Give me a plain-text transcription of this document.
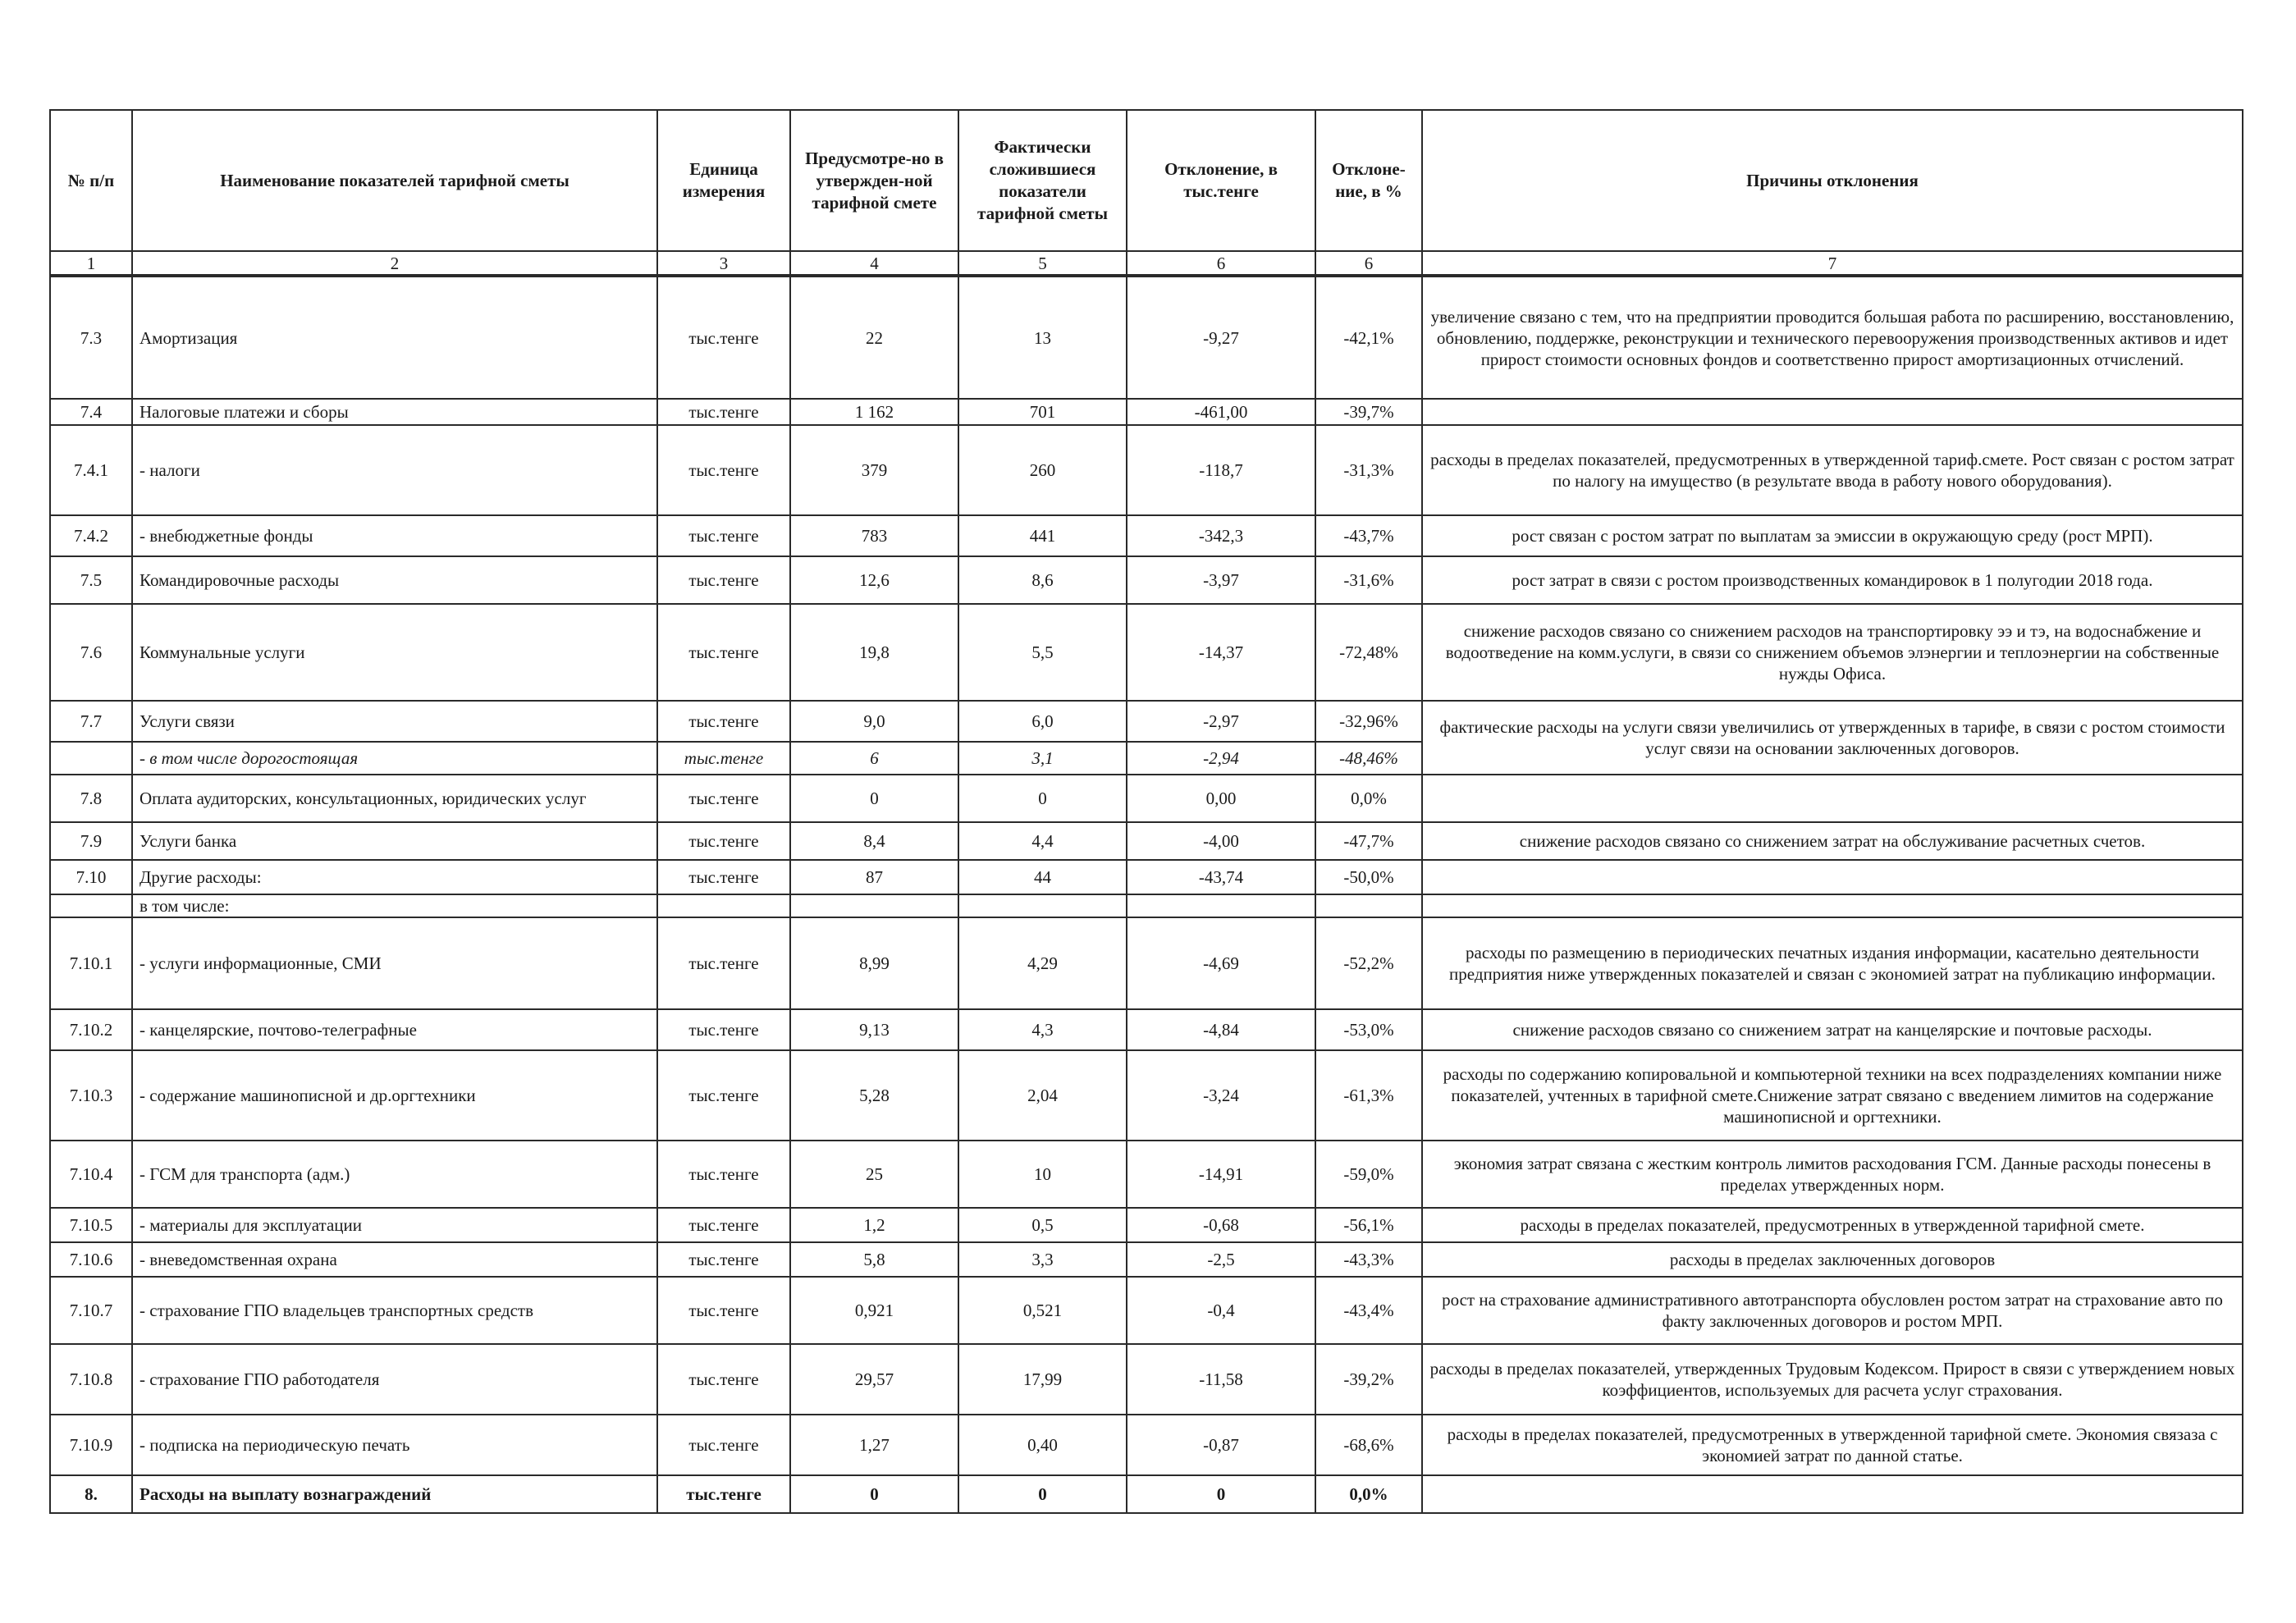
№ п/п	Наименование показателей тарифной сметы	Единица измерения	Предусмотре-но в утвержден-ной тарифной смете	Фактически сложившиеся показатели тарифной сметы	Отклонение, в тыс.тенге	Отклоне-ние, в %	Причины отклонения
1	2	3	4	5	6	6	7
7.3	Амортизация	тыс.тенге	22	13	-9,27	-42,1%	увеличение связано с тем, что на предприятии проводится большая работа по расширению, восстановлению, обновлению, поддержке, реконструкции и технического перевооружения производственных активов и идет прирост стоимости основных фондов и соответственно прирост амортизационных отчислений.
7.4	Налоговые платежи и сборы	тыс.тенге	1 162	701	-461,00	-39,7%	
7.4.1	- налоги	тыс.тенге	379	260	-118,7	-31,3%	расходы в пределах показателей, предусмотренных в утвержденной тариф.смете. Рост связан с ростом затрат по налогу на имущество (в результате ввода в работу нового оборудования).
7.4.2	- внебюджетные фонды	тыс.тенге	783	441	-342,3	-43,7%	рост связан с ростом затрат по выплатам за эмиссии в окружающую среду (рост МРП).
7.5	Командировочные расходы	тыс.тенге	12,6	8,6	-3,97	-31,6%	рост затрат в связи с ростом производственных командировок в 1 полугодии 2018 года.
7.6	Коммунальные услуги	тыс.тенге	19,8	5,5	-14,37	-72,48%	снижение расходов связано со снижением расходов на транспортировку ээ и тэ, на водоснабжение и водоотведение на комм.услуги, в связи со снижением объемов элэнергии и теплоэнергии на собственные нужды Офиса.
7.7	Услуги связи	тыс.тенге	9,0	6,0	-2,97	-32,96%	фактические расходы на услуги связи увеличились от утвержденных в тарифе, в связи с ростом стоимости услуг связи на основании заключенных договоров.
	- в том числе дорогостоящая	тыс.тенге	6	3,1	-2,94	-48,46%	
7.8	Оплата аудиторских, консультационных, юридических услуг	тыс.тенге	0	0	0,00	0,0%	
7.9	Услуги банка	тыс.тенге	8,4	4,4	-4,00	-47,7%	снижение расходов связано со снижением затрат на обслуживание расчетных счетов.
7.10	Другие расходы:	тыс.тенге	87	44	-43,74	-50,0%	
	в том числе:						
7.10.1	- услуги информационные, СМИ	тыс.тенге	8,99	4,29	-4,69	-52,2%	расходы по размещению в периодических печатных издания информации, касательно деятельности предприятия ниже утвержденных показателей и связан с экономией затрат на публикацию информации.
7.10.2	- канцелярские, почтово-телеграфные	тыс.тенге	9,13	4,3	-4,84	-53,0%	снижение расходов связано со снижением затрат на канцелярские и почтовые расходы.
7.10.3	- содержание машинописной и др.оргтехники	тыс.тенге	5,28	2,04	-3,24	-61,3%	расходы по содержанию копировальной и компьютерной техники на всех подразделениях компании ниже показателей, учтенных в тарифной смете.Снижение затрат связано с введением лимитов на содержание машинописной и оргтехники.
7.10.4	- ГСМ для транспорта (адм.)	тыс.тенге	25	10	-14,91	-59,0%	экономия затрат связана с жестким контроль лимитов расходования ГСМ. Данные расходы понесены в пределах утвержденных норм.
7.10.5	- материалы для эксплуатации	тыс.тенге	1,2	0,5	-0,68	-56,1%	расходы в пределах показателей, предусмотренных в утвержденной тарифной смете.
7.10.6	- вневедомственная охрана	тыс.тенге	5,8	3,3	-2,5	-43,3%	расходы в пределах заключенных договоров
7.10.7	- страхование ГПО владельцев транспортных средств	тыс.тенге	0,921	0,521	-0,4	-43,4%	рост на страхование административного автотранспорта обусловлен ростом затрат на страхование авто по факту заключенных договоров и ростом МРП.
7.10.8	- страхование ГПО работодателя	тыс.тенге	29,57	17,99	-11,58	-39,2%	расходы в пределах показателей, утвержденных Трудовым Кодексом. Прирост в связи с утверждением новых коэффициентов, используемых для расчета услуг страхования.
7.10.9	- подписка на периодическую печать	тыс.тенге	1,27	0,40	-0,87	-68,6%	расходы в пределах показателей, предусмотренных в утвержденной тарифной смете. Экономия связаза с экономией затрат по данной статье.
8.	Расходы на выплату вознаграждений	тыс.тенге	0	0	0	0,0%	
